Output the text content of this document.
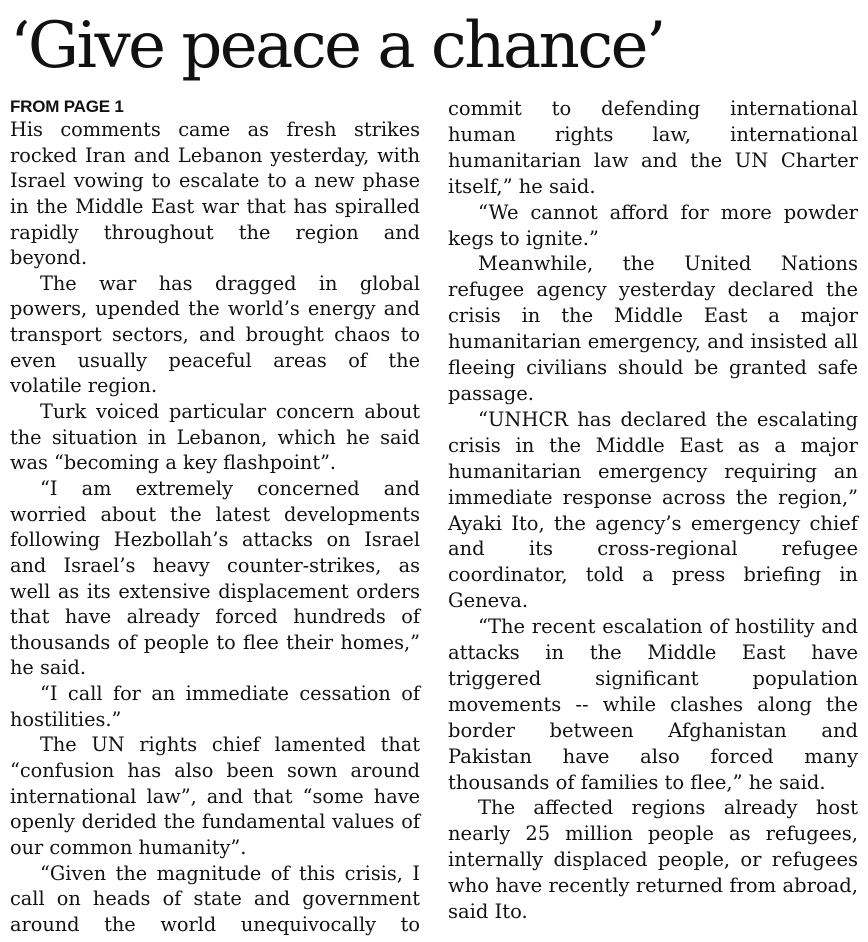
‘Give peace a chance’
FROM PAGE 1

His comments came as fresh strikes rocked Iran and Lebanon yesterday, with Israel vowing to escalate to a new phase in the Middle East war that has spiralled rapidly throughout the region and beyond.

The war has dragged in global powers, upended the world’s energy and transport sectors, and brought chaos to even usually peaceful areas of the volatile region.

Turk voiced particular concern about the situation in Lebanon, which he said was “becoming a key flashpoint”.

“I am extremely concerned and worried about the latest developments following Hezbollah’s attacks on Israel and Israel’s heavy counter-strikes, as well as its extensive displacement orders that have already forced hundreds of thousands of people to flee their homes,” he said.

“I call for an immediate cessation of hostilities.”

The UN rights chief lamented that “confusion has also been sown around international law”, and that “some have openly derided the fundamental values of our common humanity”.

“Given the magnitude of this crisis, I call on heads of state and government around the world unequivocally to

commit to defending international human rights law, international humanitarian law and the UN Charter itself,” he said.

“We cannot afford for more powder kegs to ignite.”

Meanwhile, the United Nations refugee agency yesterday declared the crisis in the Middle East a major humanitarian emergency, and insisted all fleeing civilians should be granted safe passage.

“UNHCR has declared the escalating crisis in the Middle East as a major humanitarian emergency requiring an immediate response across the region,” Ayaki Ito, the agency’s emergency chief and its cross-regional refugee coordinator, told a press briefing in Geneva.

“The recent escalation of hostility and attacks in the Middle East have triggered significant population movements -- while clashes along the border between Afghanistan and Pakistan have also forced many thousands of families to flee,” he said.

The affected regions already host nearly 25 million people as refugees, internally displaced people, or refugees who have recently returned from abroad, said Ito.
